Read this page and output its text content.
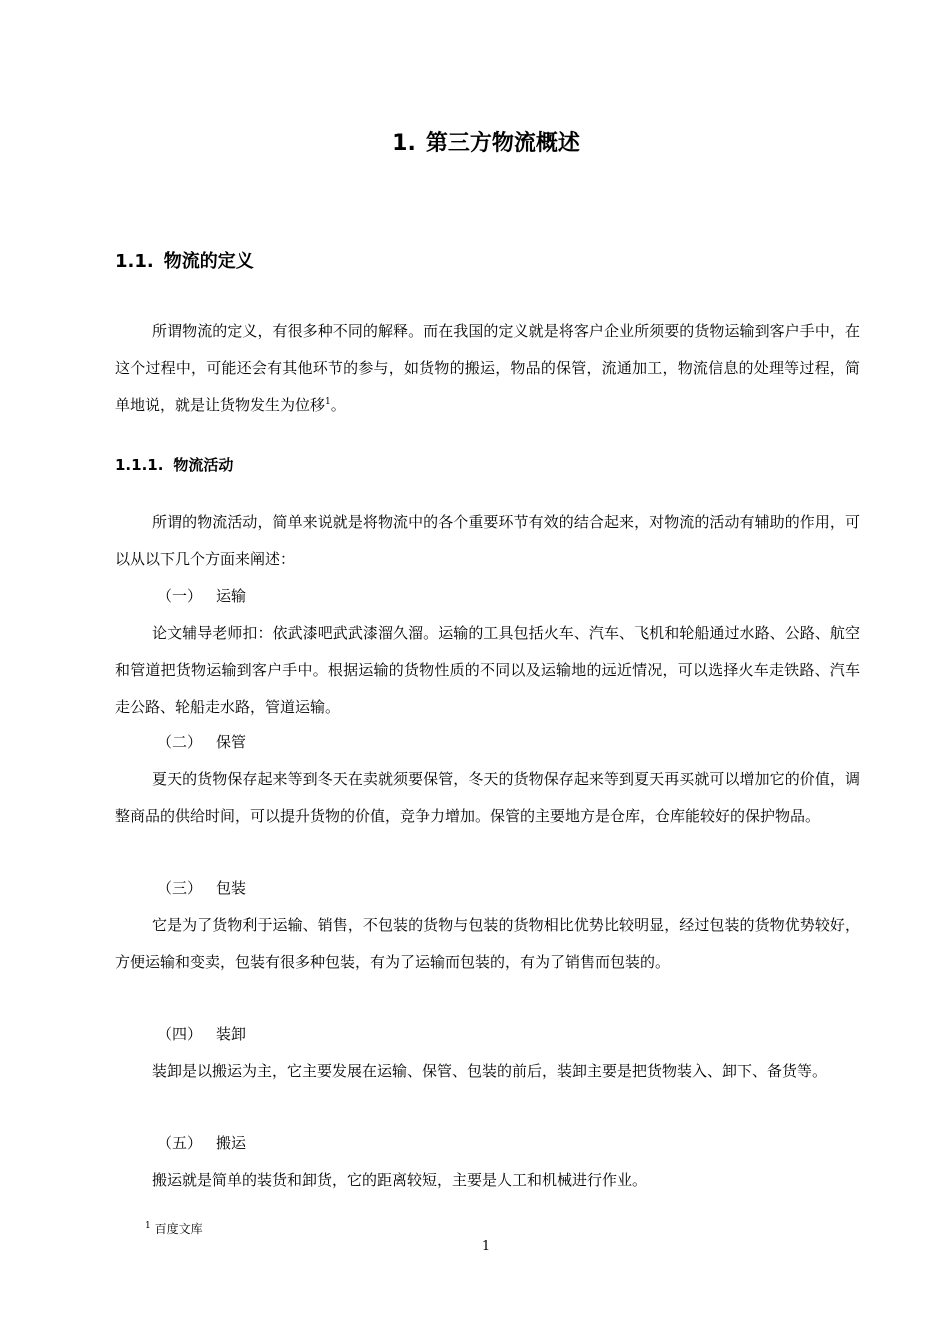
1. 第三方物流概述
1.1. 物流的定义

所谓物流的定义，有很多种不同的解释。而在我国的定义就是将客户企业所须要的货物运输到客户手中，在这个过程中，可能还会有其他环节的参与，如货物的搬运，物品的保管，流通加工，物流信息的处理等过程，简单地说，就是让货物发生为位移$^1$。

1.1.1. 物流活动

所谓的物流活动，简单来说就是将物流中的各个重要环节有效的结合起来，对物流的活动有辅助的作用，可以从以下几个方面来阐述：

（一） 运输

论文辅导老师扣：依武漆吧武武漆溜久溜。运输的工具包括火车、汽车、飞机和轮船通过水路、公路、航空和管道把货物运输到客户手中。根据运输的货物性质的不同以及运输地的远近情况，可以选择火车走铁路、汽车走公路、轮船走水路，管道运输。

（二） 保管

夏天的货物保存起来等到冬天在卖就须要保管，冬天的货物保存起来等到夏天再买就可以增加它的价值，调整商品的供给时间，可以提升货物的价值，竞争力增加。保管的主要地方是仓库，仓库能较好的保护物品。

（三） 包装

它是为了货物利于运输、销售，不包装的货物与包装的货物相比优势比较明显，经过包装的货物优势较好，方便运输和变卖，包装有很多种包装，有为了运输而包装的，有为了销售而包装的。

（四） 装卸

装卸是以搬运为主，它主要发展在运输、保管、包装的前后，装卸主要是把货物装入、卸下、备货等。

（五） 搬运

搬运就是简单的装货和卸货，它的距离较短，主要是人工和机械进行作业。

$^1$ 百度文库
1
